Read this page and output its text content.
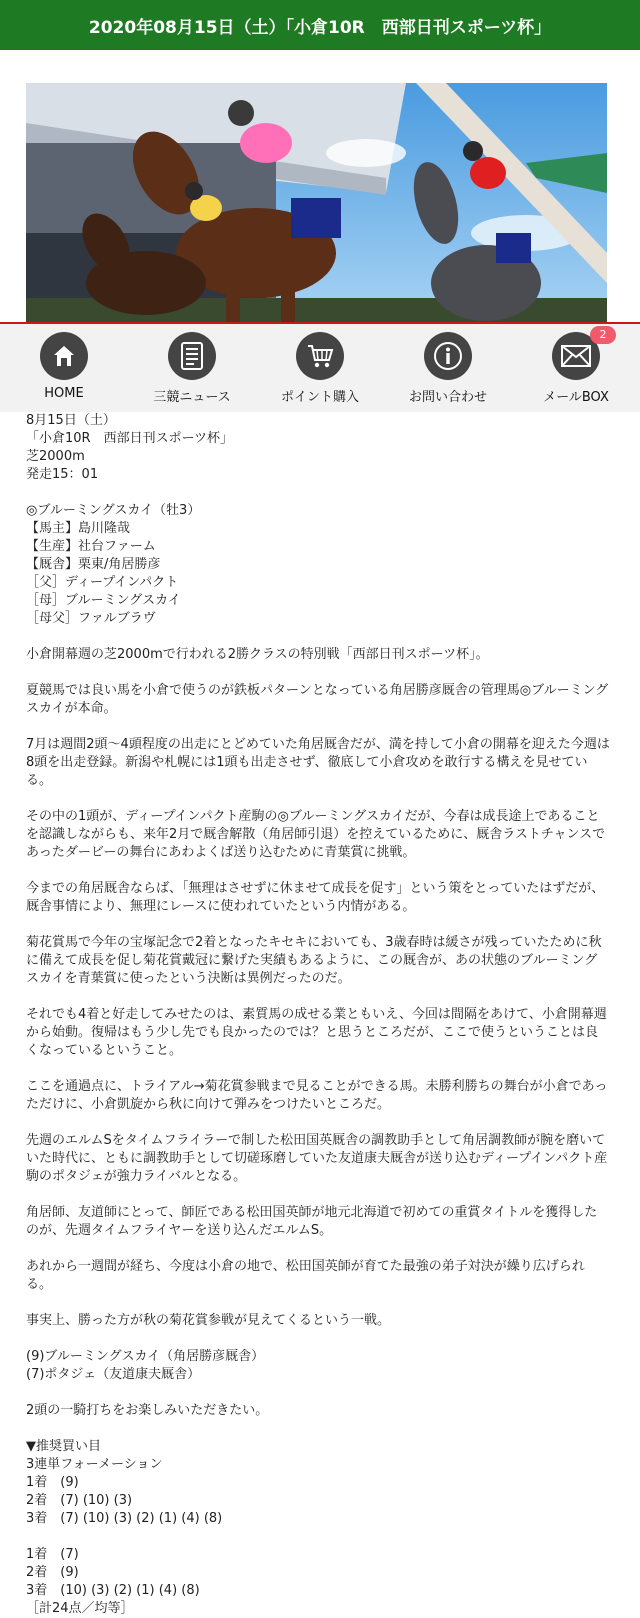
2020年08月15日（土）「小倉10R　西部日刊スポーツ杯」
HOME	三競ニュース	ポイント購入	お問い合わせ
2
メールBOX

8月15日（土）

「小倉10R　西部日刊スポーツ杯」

芝2000m

発走15：01

◎ブルーミングスカイ（牡3）

【馬主】島川隆哉

【生産】社台ファーム

【厩舎】栗東/角居勝彦

［父］ディープインパクト

［母］ブルーミングスカイ

［母父］ファルブラヴ

小倉開幕週の芝2000mで行われる2勝クラスの特別戦「西部日刊スポーツ杯」。

夏競馬では良い馬を小倉で使うのが鉄板パターンとなっている角居勝彦厩舎の管理馬◎ブルーミングスカイが本命。

7月は週間2頭～4頭程度の出走にとどめていた角居厩舎だが、満を持して小倉の開幕を迎えた今週は8頭を出走登録。新潟や札幌には1頭も出走させず、徹底して小倉攻めを敢行する構えを見せている。

その中の1頭が、ディープインパクト産駒の◎ブルーミングスカイだが、今春は成長途上であることを認識しながらも、来年2月で厩舎解散（角居師引退）を控えているために、厩舎ラストチャンスであったダービーの舞台にあわよくば送り込むために青葉賞に挑戦。

今までの角居厩舎ならば、「無理はさせずに休ませて成長を促す」という策をとっていたはずだが、厩舎事情により、無理にレースに使われていたという内情がある。

菊花賞馬で今年の宝塚記念で2着となったキセキにおいても、3歳春時は緩さが残っていたために秋に備えて成長を促し菊花賞戴冠に繋げた実績もあるように、この厩舎が、あの状態のブルーミングスカイを青葉賞に使ったという決断は異例だったのだ。

それでも4着と好走してみせたのは、素質馬の成せる業ともいえ、今回は間隔をあけて、小倉開幕週から始動。復帰はもう少し先でも良かったのでは？と思うところだが、ここで使うということは良くなっているということ。

ここを通過点に、トライアル→菊花賞参戦まで見ることができる馬。未勝利勝ちの舞台が小倉であっただけに、小倉凱旋から秋に向けて弾みをつけたいところだ。

先週のエルムSをタイムフライラーで制した松田国英厩舎の調教助手として角居調教師が腕を磨いていた時代に、ともに調教助手として切磋琢磨していた友道康夫厩舎が送り込むディープインパクト産駒のポタジェが強力ライバルとなる。

角居師、友道師にとって、師匠である松田国英師が地元北海道で初めての重賞タイトルを獲得したのが、先週タイムフライヤーを送り込んだエルムS。

あれから一週間が経ち、今度は小倉の地で、松田国英師が育てた最強の弟子対決が繰り広げられる。

事実上、勝った方が秋の菊花賞参戦が見えてくるという一戦。

(9)ブルーミングスカイ（角居勝彦厩舎）

(7)ポタジェ（友道康夫厩舎）

2頭の一騎打ちをお楽しみいただきたい。

▼推奨買い目

3連単フォーメーション

1着　(9)

2着　(7) (10) (3)

3着　(7) (10) (3) (2) (1) (4) (8)

1着　(7)

2着　(9)

3着　(10) (3) (2) (1) (4) (8)

［計24点／均等］
